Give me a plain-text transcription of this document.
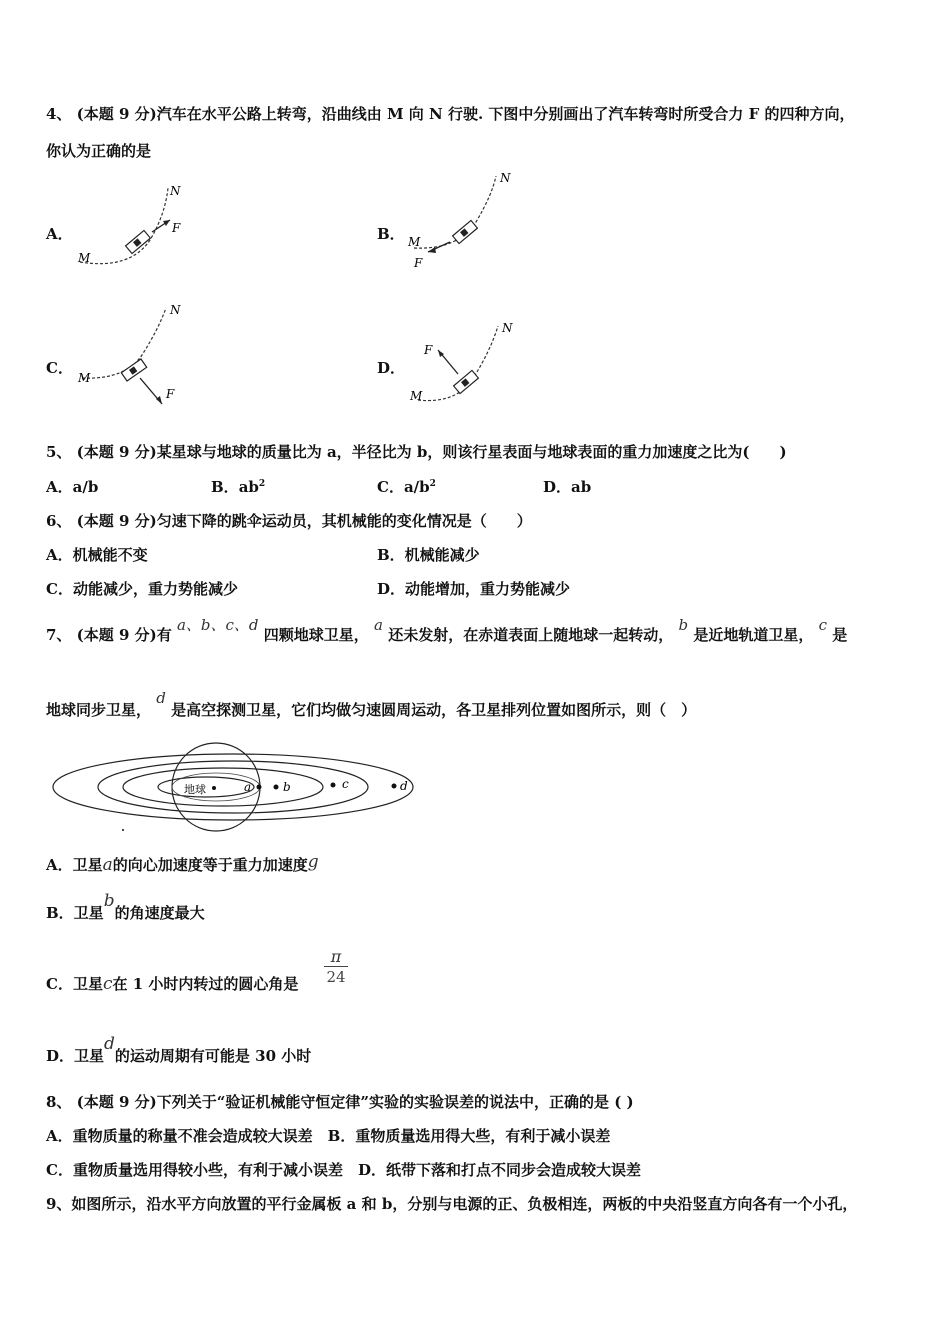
4、 (本题 9 分)汽车在水平公路上转弯，沿曲线由 M 向 N 行驶. 下图中分别画出了汽车转弯时所受合力 F 的四种方向，
你认为正确的是
A．
M
N
F	B． M
N
F
C．
M
N
F
D．
M
N
F
5、 (本题 9 分)某星球与地球的质量比为 a，半径比为 b，则该行星表面与地球表面的重力加速度之比为(　　)
A．a/b	B．$ab^2$	C．$a/b^2$	D．ab
6、 (本题 9 分)匀速下降的跳伞运动员，其机械能的变化情况是（　　）
A．机械能不变	B．机械能减少
C．动能减少，重力势能减少	D．动能增加，重力势能减少
7、 (本题 9 分)有 a、b、c、d 四颗地球卫星， a 还未发射，在赤道表面上随地球一起转动， b 是近地轨道卫星， c 是
地球同步卫星， d 是高空探测卫星，它们均做匀速圆周运动，各卫星排列位置如图所示，则（　）
地球	a	b	c	d
A．卫星a的向心加速度等于重力加速度g
B．卫星b的角速度最大
C．卫星c在 1 小时内转过的圆心角是
π
24
D．卫星d的运动周期有可能是 30 小时
8、 (本题 9 分)下列关于“验证机械能守恒定律”实验的实验误差的说法中，正确的是 ( )
A．重物质量的称量不准会造成较大误差　B．重物质量选用得大些，有利于减小误差
C．重物质量选用得较小些，有利于减小误差　D．纸带下落和打点不同步会造成较大误差
9、如图所示，沿水平方向放置的平行金属板 a 和 b，分别与电源的正、负极相连，两板的中央沿竖直方向各有一个小孔，
